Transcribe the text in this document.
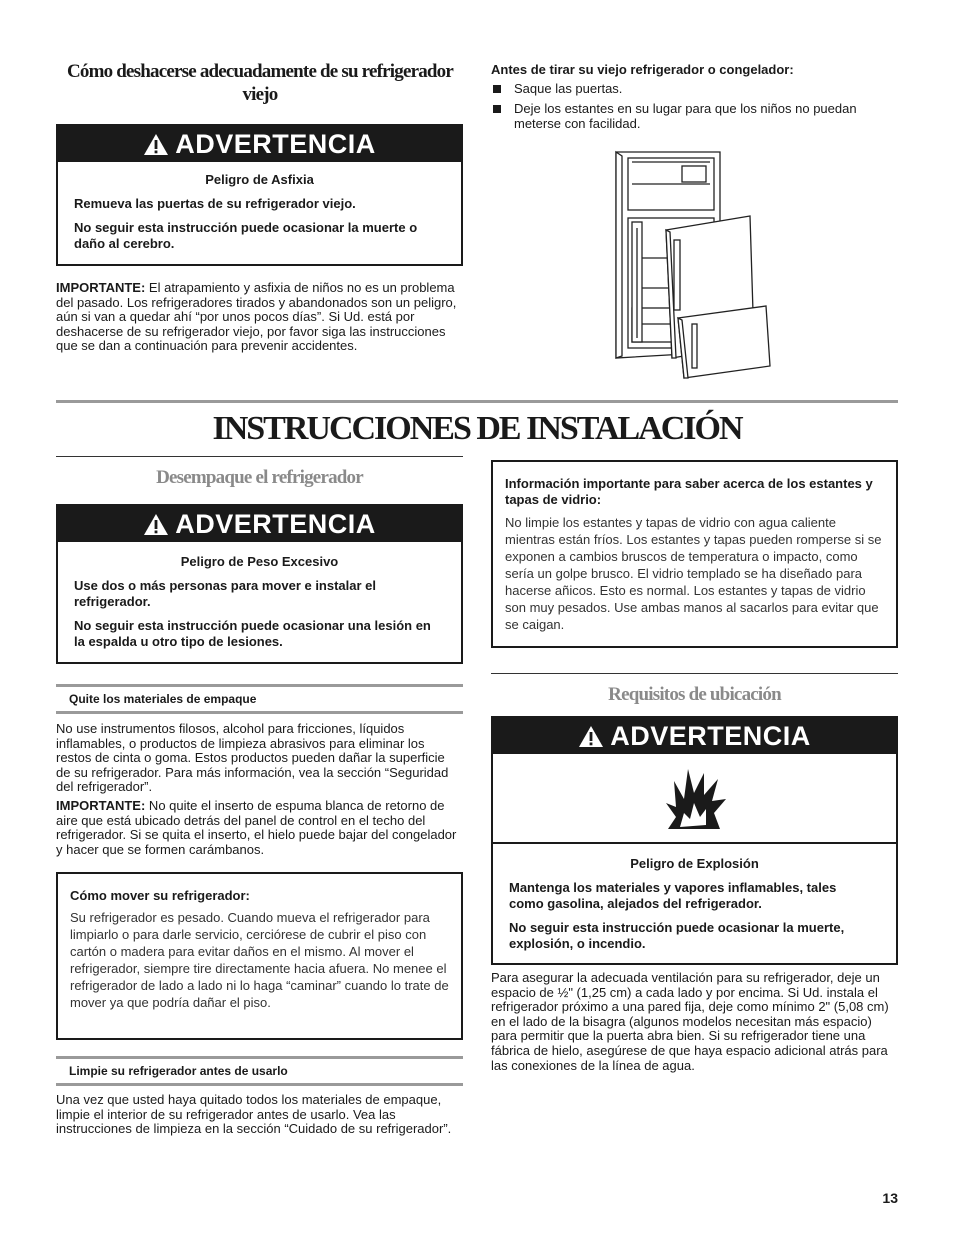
Cómo deshacerse adecuadamente de su refrigerador viejo
ADVERTENCIA

Peligro de Asfixia

Remueva las puertas de su refrigerador viejo.

No seguir esta instrucción puede ocasionar la muerte o daño al cerebro.

IMPORTANTE: El atrapamiento y asfixia de niños no es un problema del pasado. Los refrigeradores tirados y abandonados son un peligro, aún si van a quedar ahí “por unos pocos días”. Si Ud. está por deshacerse de su refrigerador viejo, por favor siga las instrucciones que se dan a continuación para prevenir accidentes.

Antes de tirar su viejo refrigerador o congelador:

Saque las puertas.
Deje los estantes en su lugar para que los niños no puedan meterse con facilidad.
INSTRUCCIONES DE INSTALACIÓN
Desempaque el refrigerador
ADVERTENCIA

Peligro de Peso Excesivo

Use dos o más personas para mover e instalar el refrigerador.

No seguir esta instrucción puede ocasionar una lesión en la espalda u otro tipo de lesiones.

Quite los materiales de empaque

No use instrumentos filosos, alcohol para fricciones, líquidos inflamables, o productos de limpieza abrasivos para eliminar los restos de cinta o goma. Estos productos pueden dañar la superficie de su refrigerador. Para más información, vea la sección “Seguridad del refrigerador”.

IMPORTANTE: No quite el inserto de espuma blanca de retorno de aire que está ubicado detrás del panel de control en el techo del refrigerador. Si se quita el inserto, el hielo puede bajar del congelador y hacer que se formen carámbanos.

Cómo mover su refrigerador:

Su refrigerador es pesado. Cuando mueva el refrigerador para limpiarlo o para darle servicio, cerciórese de cubrir el piso con cartón o madera para evitar daños en el mismo. Al mover el refrigerador, siempre tire directamente hacia afuera. No menee el refrigerador de lado a lado ni lo haga “caminar” cuando lo trate de mover ya que podría dañar el piso.

Limpie su refrigerador antes de usarlo

Una vez que usted haya quitado todos los materiales de empaque, limpie el interior de su refrigerador antes de usarlo. Vea las instrucciones de limpieza en la sección “Cuidado de su refrigerador”.

Información importante para saber acerca de los estantes y tapas de vidrio:

No limpie los estantes y tapas de vidrio con agua caliente mientras están fríos. Los estantes y tapas pueden romperse si se exponen a cambios bruscos de temperatura o impacto, como sería un golpe brusco. El vidrio templado se ha diseñado para hacerse añicos. Esto es normal. Los estantes y tapas de vidrio son muy pesados. Use ambas manos al sacarlos para evitar que se caigan.

Requisitos de ubicación
ADVERTENCIA

Peligro de Explosión

Mantenga los materiales y vapores inflamables, tales como gasolina, alejados del refrigerador.

No seguir esta instrucción puede ocasionar la muerte, explosión, o incendio.

Para asegurar la adecuada ventilación para su refrigerador, deje un espacio de ½" (1,25 cm) a cada lado y por encima. Si Ud. instala el refrigerador próximo a una pared fija, deje como mínimo 2" (5,08 cm) en el lado de la bisagra (algunos modelos necesitan más espacio) para permitir que la puerta abra bien. Si su refrigerador tiene una fábrica de hielo, asegúrese de que haya espacio adicional atrás para las conexiones de la línea de agua.

13
